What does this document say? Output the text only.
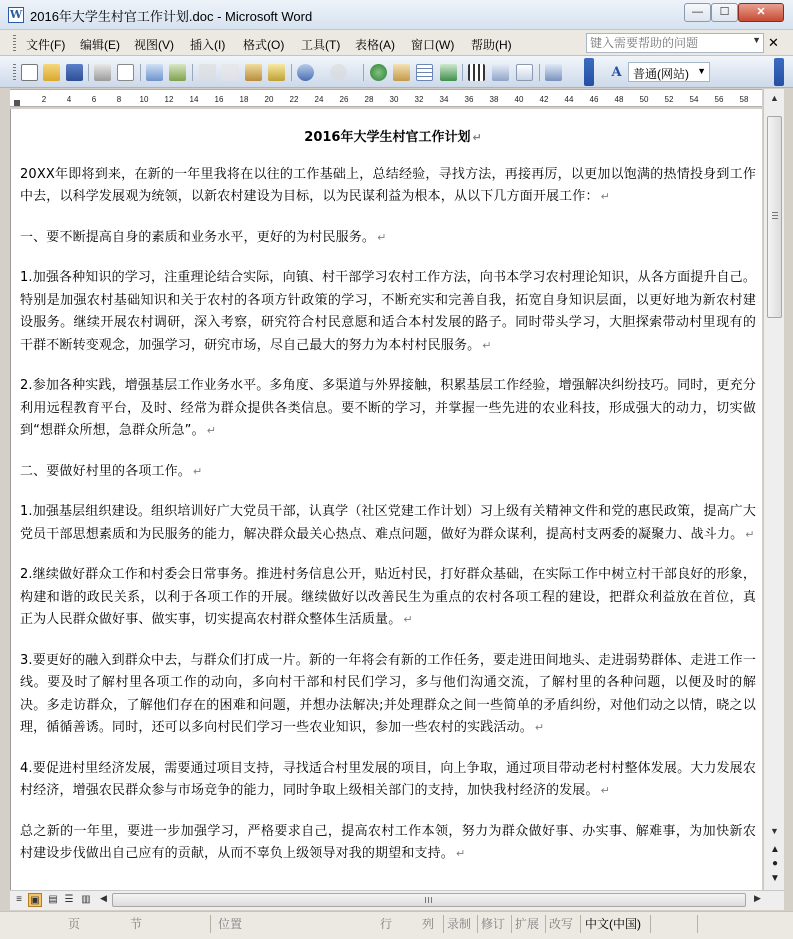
W 2016年大学生村官工作计划.doc - Microsoft Word	—	☐	✕
文件(F) 编辑(E) 视图(V) 插入(I) 格式(O) 工具(T) 表格(A) 窗口(W) 帮助(H)
键入需要帮助的问题	▼ ✕
A 普通(网站) ▼
2	4	6	8 10 12 14 16 18 20 22 24 26 28 30 32 34 36 38 40 42 44 46 48 50 52 54 56 58
2016年大学生村官工作计划 ↵
20XX年即将到来，在新的一年里我将在以往的工作基础上，总结经验，寻找方法，再接再厉，以更加以饱满的热情投身到工作中去，以科学发展观为统领，以新农村建设为目标，以为民谋利益为根本，从以下几方面开展工作： ↵
一、要不断提高自身的素质和业务水平，更好的为村民服务。 ↵
1.加强各种知识的学习，注重理论结合实际，向镇、村干部学习农村工作方法，向书本学习农村理论知识，从各方面提升自己。特别是加强农村基础知识和关于农村的各项方针政策的学习，不断充实和完善自我，拓宽自身知识层面，以更好地为新农村建设服务。继续开展农村调研，深入考察，研究符合村民意愿和适合本村发展的路子。同时带头学习，大胆探索带动村里现有的干群不断转变观念，加强学习，研究市场，尽自己最大的努力为本村村民服务。 ↵
2.参加各种实践，增强基层工作业务水平。多角度、多渠道与外界接触，积累基层工作经验，增强解决纠纷技巧。同时，更充分利用远程教育平台，及时、经常为群众提供各类信息。要不断的学习，并掌握一些先进的农业科技，形成强大的动力，切实做到“想群众所想，急群众所急”。 ↵
二、要做好村里的各项工作。 ↵
1.加强基层组织建设。组织培训好广大党员干部，认真学（社区党建工作计划）习上级有关精神文件和党的惠民政策，提高广大党员干部思想素质和为民服务的能力，解决群众最关心热点、难点问题，做好为群众谋利，提高村支两委的凝聚力、战斗力。 ↵
2.继续做好群众工作和村委会日常事务。推进村务信息公开，贴近村民，打好群众基础，在实际工作中树立村干部良好的形象，构建和谐的政民关系，以利于各项工作的开展。继续做好以改善民生为重点的农村各项工程的建设，把群众利益放在首位，真正为人民群众做好事、做实事，切实提高农村群众整体生活质量。 ↵
3.要更好的融入到群众中去，与群众们打成一片。新的一年将会有新的工作任务，要走进田间地头、走进弱势群体、走进工作一线。要及时了解村里各项工作的动向，多向村干部和村民们学习，多与他们沟通交流，了解村里的各种问题，以便及时的解决。多走访群众，了解他们存在的困难和问题，并想办法解决;并处理群众之间一些简单的矛盾纠纷，对他们动之以情，晓之以理，循循善诱。同时，还可以多向村民们学习一些农业知识，参加一些农村的实践活动。 ↵
4.要促进村里经济发展，需要通过项目支持，寻找适合村里发展的项目，向上争取，通过项目带动老村村整体发展。大力发展农村经济，增强农民群众参与市场竞争的能力，同时争取上级相关部门的支持，加快我村经济的发展。 ↵
总之新的一年里，要进一步加强学习，严格要求自己，提高农村工作本领，努力为群众做好事、办实事、解难事，为加快新农村建设步伐做出自己应有的贡献，从而不辜负上级领导对我的期望和支持。 ↵
▲
▼
▲
●
▼
≡ ▣ ▤ ☰ ▥ ◀	▶
页	节	位置	行 列 录制 修订 扩展 改写 中文(中国)
